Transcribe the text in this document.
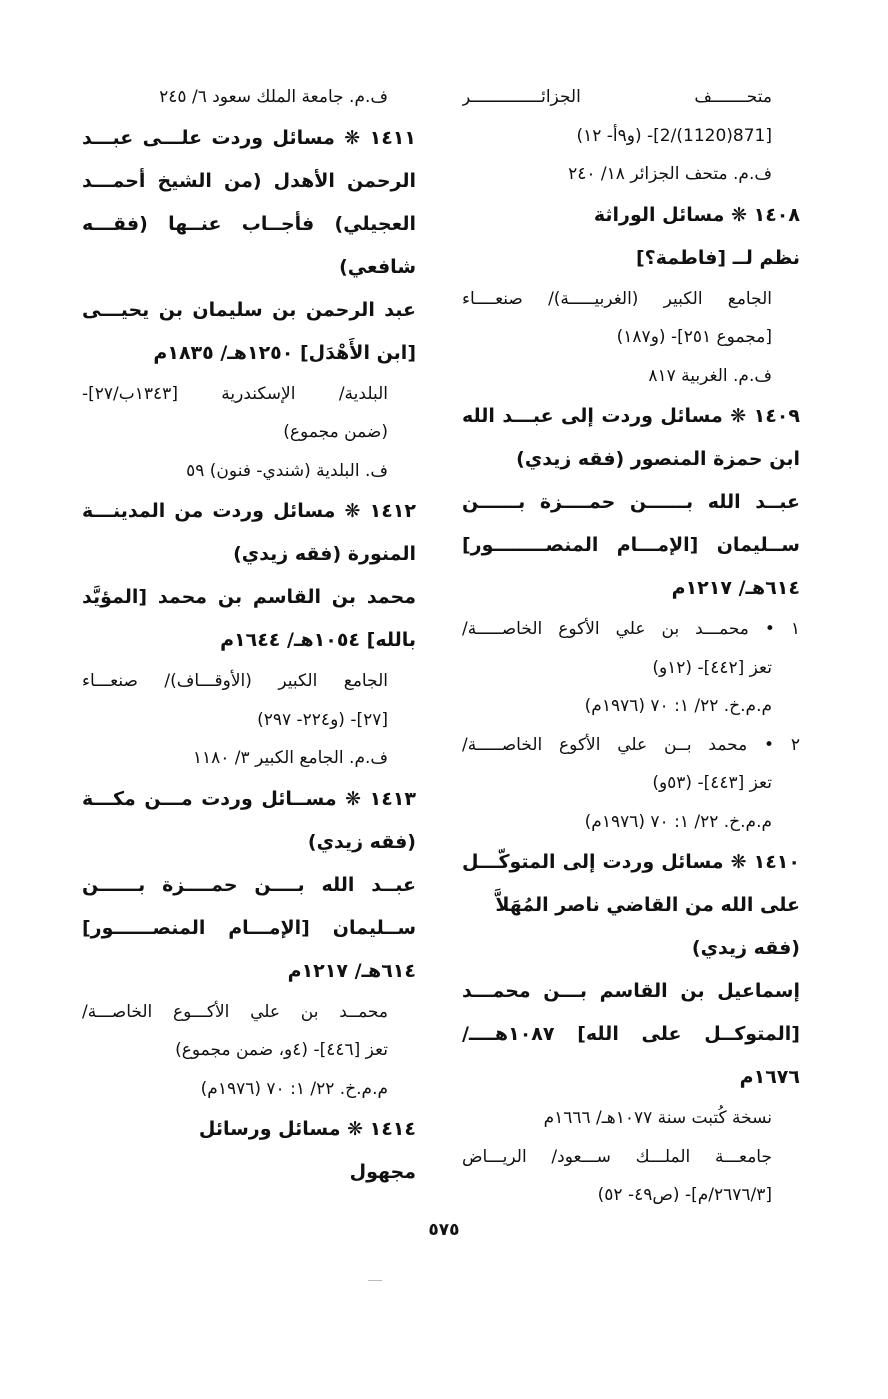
متحـــــــف الجزائــــــــــــــر
[871(1120)/2]- (و٩أ- ١٢)
ف.م. متحف الجزائر ١٨/ ٢٤٠
١٤٠٨ ❋ مسائل الوراثة
نظم لــ [فاطمة؟]
الجامع الكبير (الغربيـــــة)/ صنعــــاء
[مجموع ٢٥١]- (و١٨٧)
ف.م. الغربية ٨١٧
١٤٠٩ ❋ مسائل وردت إلى عبـــد الله
ابن حمزة المنصور (فقه زيدي)
عبــد الله بــــــن حمــــزة بــــــن
ســليمان [الإمـــام المنصــــــــور]
٦١٤هـ/ ١٢١٧م
١ • محمـــد بن علي الأكوع الخاصـــــة/
تعز [٤٤٢]- (١٢و)
م.م.خ. ٢٢/ ١: ٧٠ (١٩٧٦م)
٢ • محمد بــن علي الأكوع الخاصـــــة/
تعز [٤٤٣]- (٥٣و)
م.م.خ. ٢٢/ ١: ٧٠ (١٩٧٦م)
١٤١٠ ❋ مسائل وردت إلى المتوكّـــل
على الله من القاضي ناصر المُهَلاَّ
(فقه زيدي)
إسماعيل بن القاسم بـــن محمـــد
[المتوكــل على الله] ١٠٨٧هــــ/
١٦٧٦م
نسخة كُتبت سنة ١٠٧٧هـ/ ١٦٦٦م
جامعـــة الملـــك ســـعود/ الريـــاض
[٢٦٧٦/٣/م]- (ص٤٩- ٥٢)
ف.م. جامعة الملك سعود ٦/ ٢٤٥
١٤١١ ❋ مسائل وردت علـــى عبـــد
الرحمن الأهدل (من الشيخ أحمـــد
العجيلي) فأجــاب عنــها (فقـــه
شافعي)
عبد الرحمن بن سليمان بن يحيـــى
[ابن الأَهْدَل] ١٢٥٠هـ/ ١٨٣٥م
البلدية/ الإسكندرية [١٣٤٣ب/٢٧]-
(ضمن مجموع)
ف. البلدية (شندي- فنون) ٥٩
١٤١٢ ❋ مسائل وردت من المدينـــة
المنورة (فقه زيدي)
محمد بن القاسم بن محمد [المؤيَّد
بالله] ١٠٥٤هـ/ ١٦٤٤م
الجامع الكبير (الأوقـــاف)/ صنعـــاء
[٢٧]- (و٢٢٤- ٢٩٧)
ف.م. الجامع الكبير ٣/ ١١٨٠
١٤١٣ ❋ مســائل وردت مـــن مكـــة
(فقه زيدي)
عبــد الله بــــن حمــــزة بــــــن
ســليمان [الإمـــام المنصــــــور]
٦١٤هـ/ ١٢١٧م
محمــد بن علي الأكـــوع الخاصـــة/
تعز [٤٤٦]- (٤و، ضمن مجموع)
م.م.خ. ٢٢/ ١: ٧٠ (١٩٧٦م)
١٤١٤ ❋ مسائل ورسائل
مجهول
٥٧٥
